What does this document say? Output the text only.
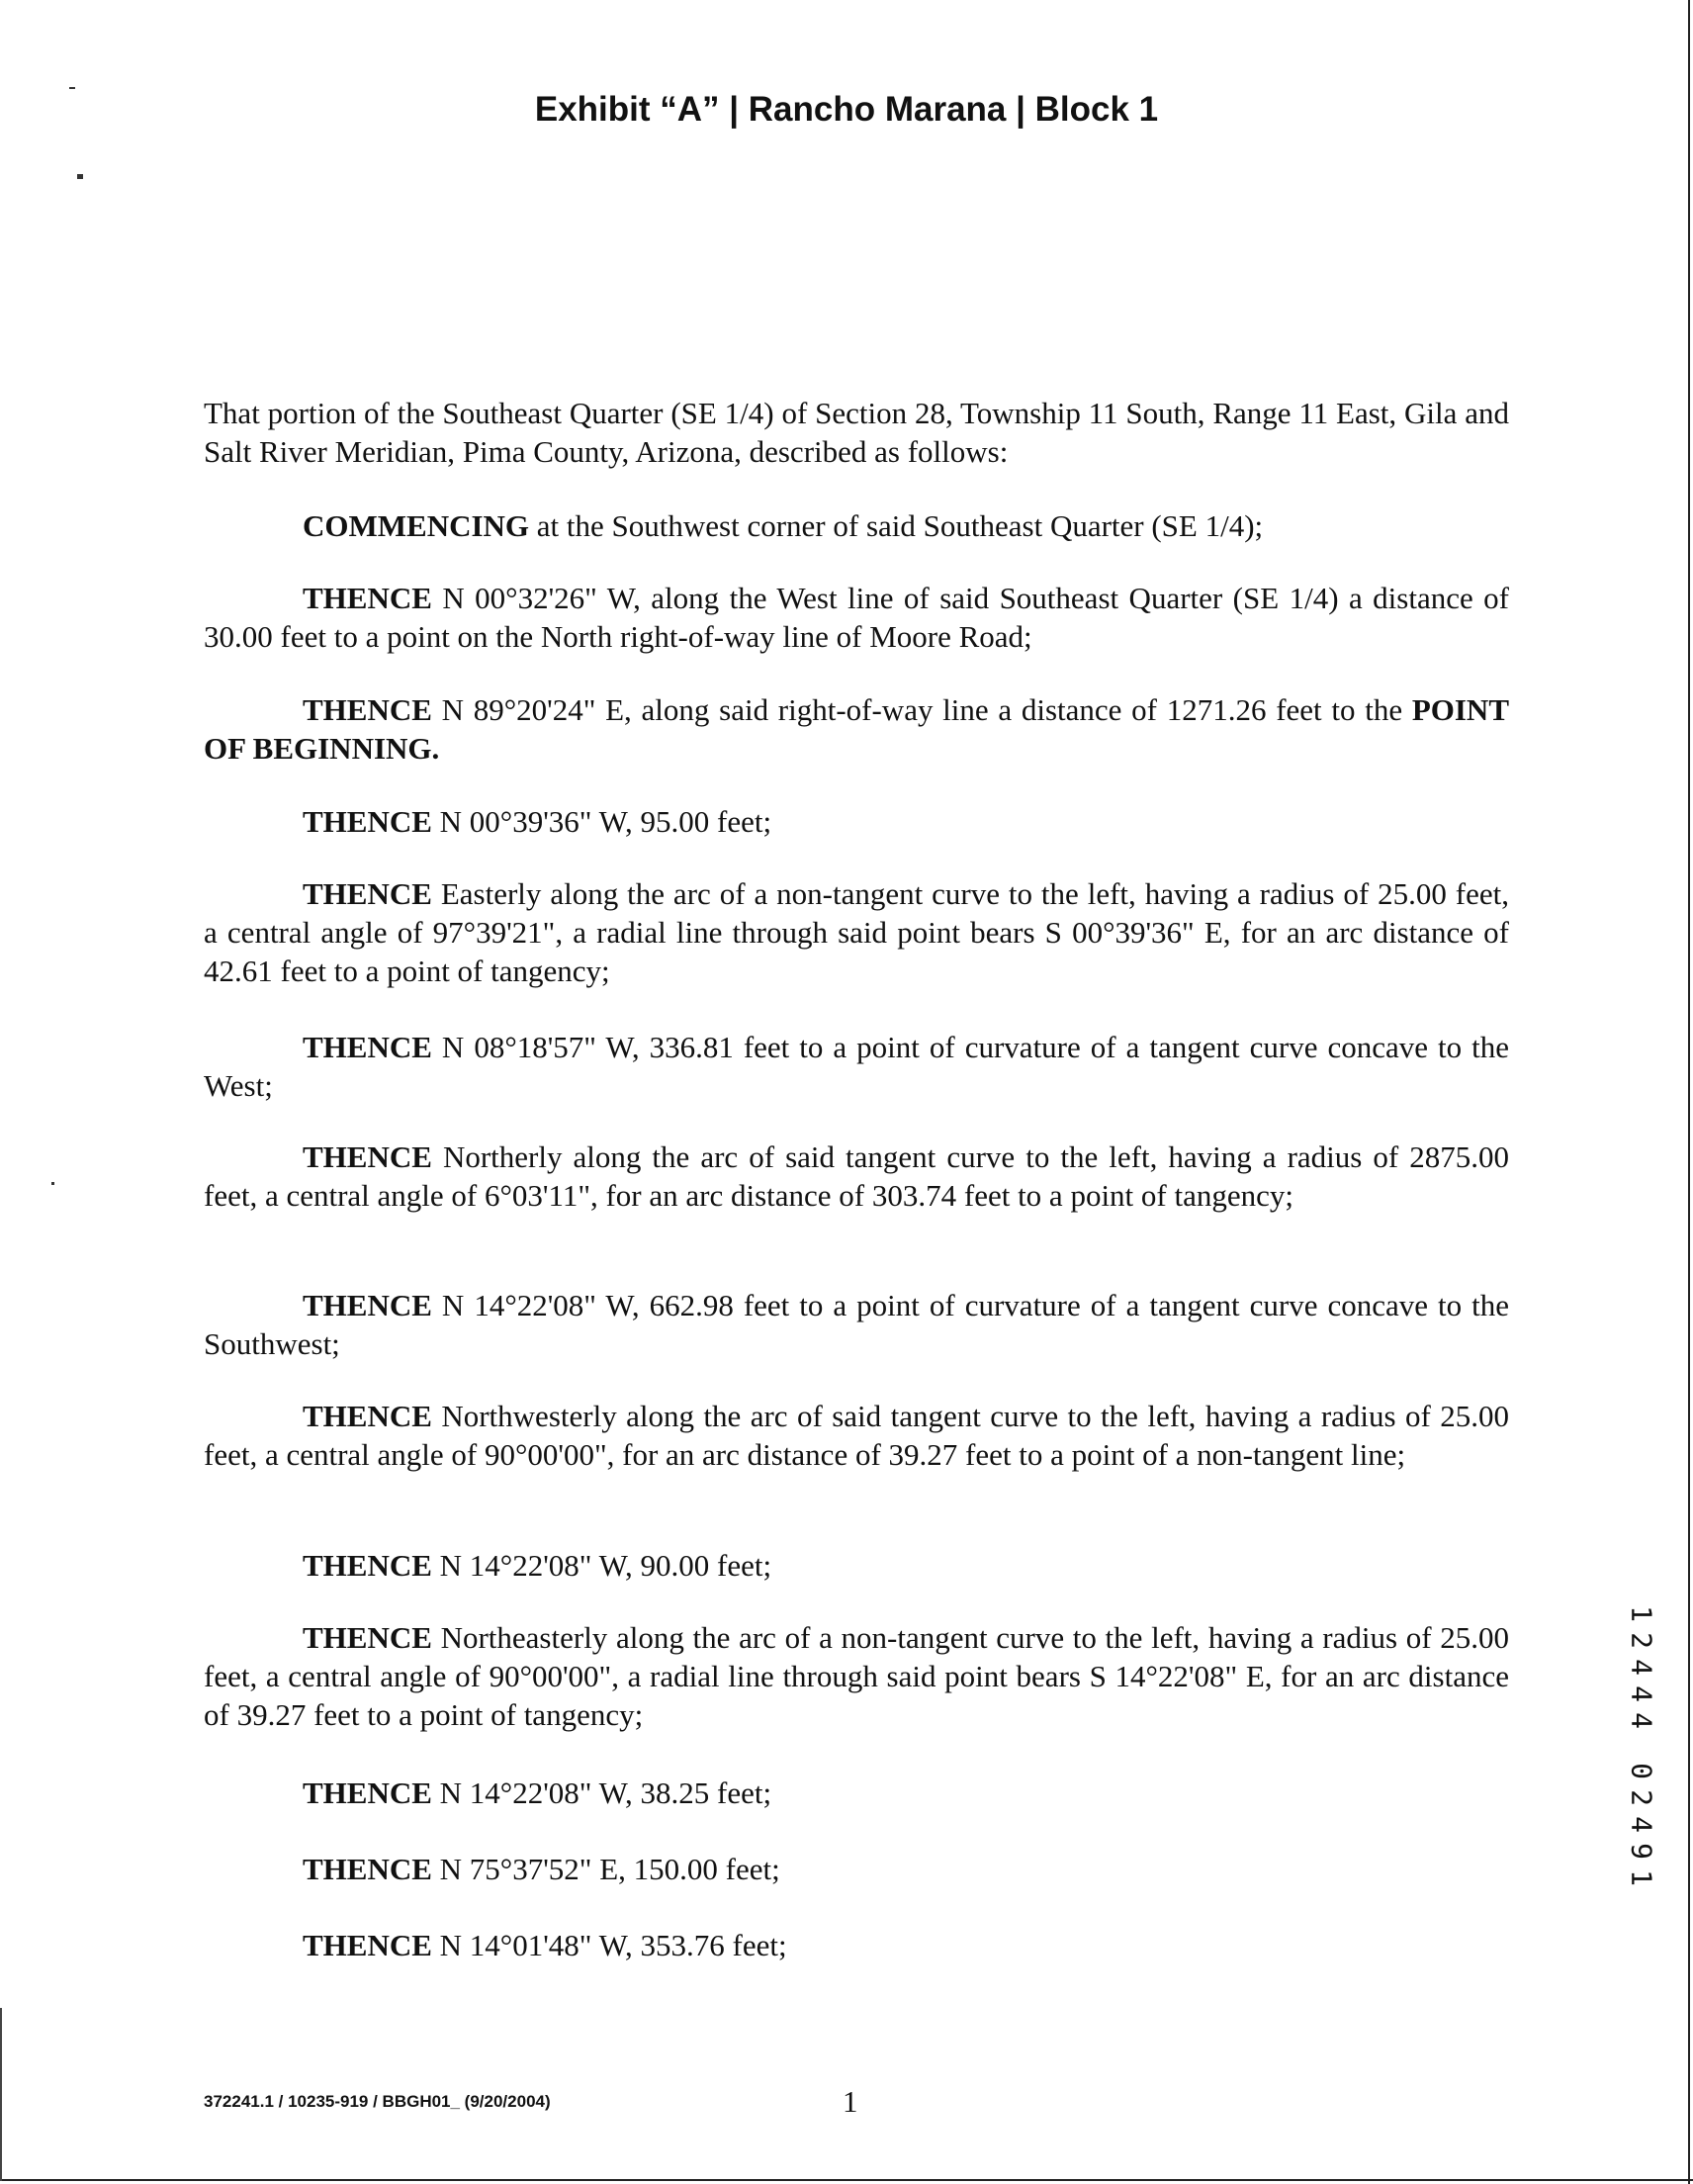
Exhibit “A” | Rancho Marana | Block 1

That portion of the Southeast Quarter (SE 1/4) of Section 28, Township 11 South, Range 11 East, Gila and Salt River Meridian, Pima County, Arizona, described as follows:

COMMENCING at the Southwest corner of said Southeast Quarter (SE 1/4);

THENCE N 00°32'26" W, along the West line of said Southeast Quarter (SE 1/4) a distance of 30.00 feet to a point on the North right-of-way line of Moore Road;

THENCE N 89°20'24" E, along said right-of-way line a distance of 1271.26 feet to the POINT OF BEGINNING.

THENCE N 00°39'36" W, 95.00 feet;

THENCE Easterly along the arc of a non-tangent curve to the left, having a radius of 25.00 feet, a central angle of 97°39'21", a radial line through said point bears S 00°39'36" E, for an arc distance of 42.61 feet to a point of tangency;

THENCE N 08°18'57" W, 336.81 feet to a point of curvature of a tangent curve concave to the West;

THENCE Northerly along the arc of said tangent curve to the left, having a radius of 2875.00 feet, a central angle of 6°03'11", for an arc distance of 303.74 feet to a point of tangency;

THENCE N 14°22'08" W, 662.98 feet to a point of curvature of a tangent curve concave to the Southwest;

THENCE Northwesterly along the arc of said tangent curve to the left, having a radius of 25.00 feet, a central angle of 90°00'00", for an arc distance of 39.27 feet to a point of a non-tangent line;

THENCE N 14°22'08" W, 90.00 feet;

THENCE Northeasterly along the arc of a non-tangent curve to the left, having a radius of 25.00 feet, a central angle of 90°00'00", a radial line through said point bears S 14°22'08" E, for an arc distance of 39.27 feet to a point of tangency;

THENCE N 14°22'08" W, 38.25 feet;

THENCE N 75°37'52" E, 150.00 feet;

THENCE N 14°01'48" W, 353.76 feet;

372241.1 / 10235-919 / BBGH01_ (9/20/2004)	1
1
2
4
4
4
0
2
4
9
1
